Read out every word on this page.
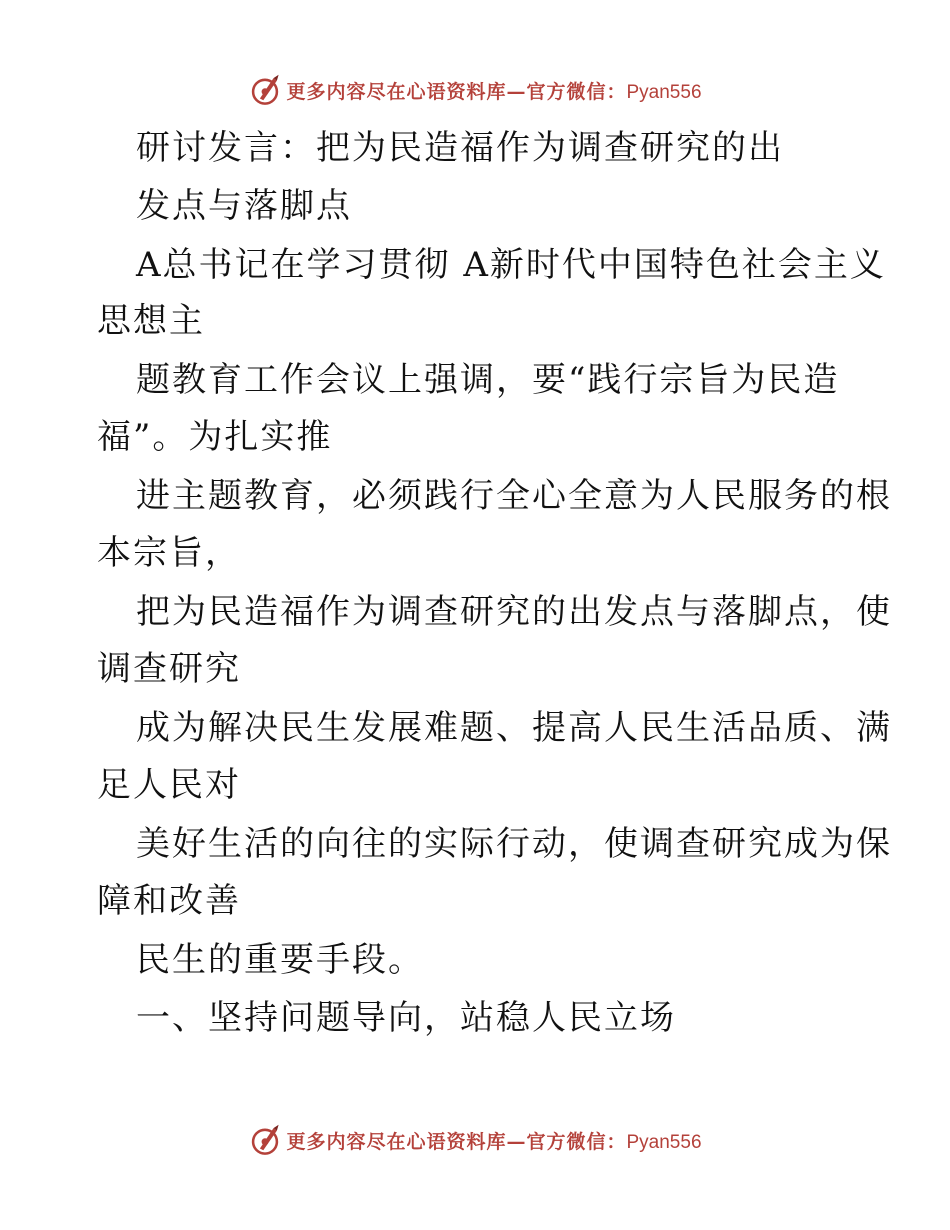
更多内容尽在心语资料库—官方微信：Pyan556
研讨发言：把为民造福作为调查研究的出
发点与落脚点
A总书记在学习贯彻 A新时代中国特色社会主义
思想主
题教育工作会议上强调，要“践行宗旨为民造
福”。为扎实推
进主题教育，必须践行全心全意为人民服务的根
本宗旨，
把为民造福作为调查研究的出发点与落脚点，使
调查研究
成为解决民生发展难题、提高人民生活品质、满
足人民对
美好生活的向往的实际行动，使调查研究成为保
障和改善
民生的重要手段。
一、坚持问题导向，站稳人民立场
更多内容尽在心语资料库—官方微信：Pyan556
